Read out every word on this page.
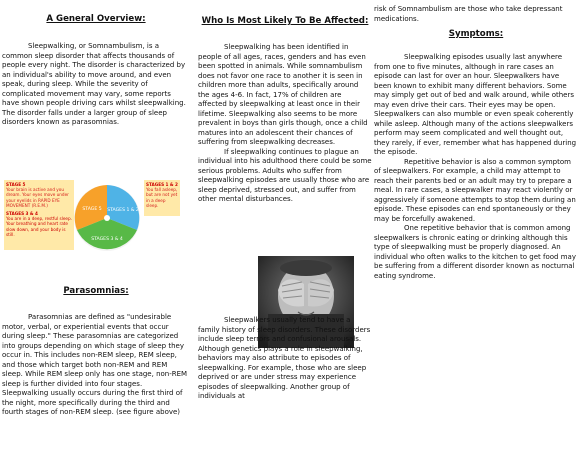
A General Overview:

Sleepwalking, or Somnambulism, is a common sleep disorder that affects thousands of people every night. The disorder is characterized by an individual's ability to move around, and even speak, during sleep. While the severity of complicated movement may vary, some reports have shown people driving cars whilst sleepwalking. The disorder falls under a larger group of sleep disorders known as parasomnias.

STAGE 5
Your brain is active and you dream. Your eyes move under your eyelids in RAPID EYE MOVEMENT (R.E.M.)
STAGES 3 & 4
You are in a deep, restful sleep. Your breathing and heart rate slow down, and your body is still.
STAGE 5 STAGES 1 & 2
STAGES 3 & 4
STAGES 1 & 2
You fall asleep, but are not yet in a deep sleep.
Parasomnias:

Parasomnias are defined as "undesirable motor, verbal, or experiential events that occur during sleep." These parasomnias are categorized into groups depending on which stage of sleep they occur in. This includes non-REM sleep, REM sleep, and those which target both non-REM and REM sleep. While REM sleep only has one stage, non-REM sleep is further divided into four stages. Sleepwalking usually occurs during the first third of the night, more specifically during the third and fourth stages of non-REM sleep. (see figure above)

Who Is Most Likely To Be Affected:

Sleepwalking has been identified in people of all ages, races, genders and has even been spotted in animals. While somnambulism does not favor one race to another it is seen in children more than adults, specifically around the ages 4-6. In fact, 17% of children are affected by sleepwalking at least once in their lifetime. Sleepwalking also seems to be more prevalent in boys than girls though, once a child matures into an adolescent their chances of suffering from sleepwalking decreases.

If sleepwalking continues to plague an individual into his adulthood there could be some serious problems. Adults who suffer from sleepwalking episodes are usually those who are sleep deprived, stressed out, and suffer from other mental disturbances.

Sleepwalkers usually tend to have a family history of sleep disorders. These disorders include sleep terrors and confusional arousals. Although genetics plays a role in sleepwalking, behaviors may also attribute to episodes of sleepwalking. For example, those who are sleep deprived or are under stress may experience episodes of sleepwalking. Another group of individuals at

risk of Somnambulism are those who take depressant medications.

Symptoms:

Sleepwalking episodes usually last anywhere from one to five minutes, although in rare cases an episode can last for over an hour. Sleepwalkers have been known to exhibit many different behaviors. Some may simply get out of bed and walk around, while others may even drive their cars. Their eyes may be open. Sleepwalkers can also mumble or even speak coherently while asleep. Although many of the actions sleepwalkers perform may seem complicated and well thought out, they rarely, if ever, remember what has happened during the episode.

Repetitive behavior is also a common symptom of sleepwalkers. For example, a child may attempt to reach their parents bed or an adult may try to prepare a meal. In rare cases, a sleepwalker may react violently or aggressively if someone attempts to stop them during an episode. These episodes can end spontaneously or they may be forcefully awakened.

One repetitive behavior that is common among sleepwalkers is chronic eating or drinking although this type of sleepwalking must be properly diagnosed. An individual who often walks to the kitchen to get food may be suffering from a different disorder known as nocturnal eating syndrome.
